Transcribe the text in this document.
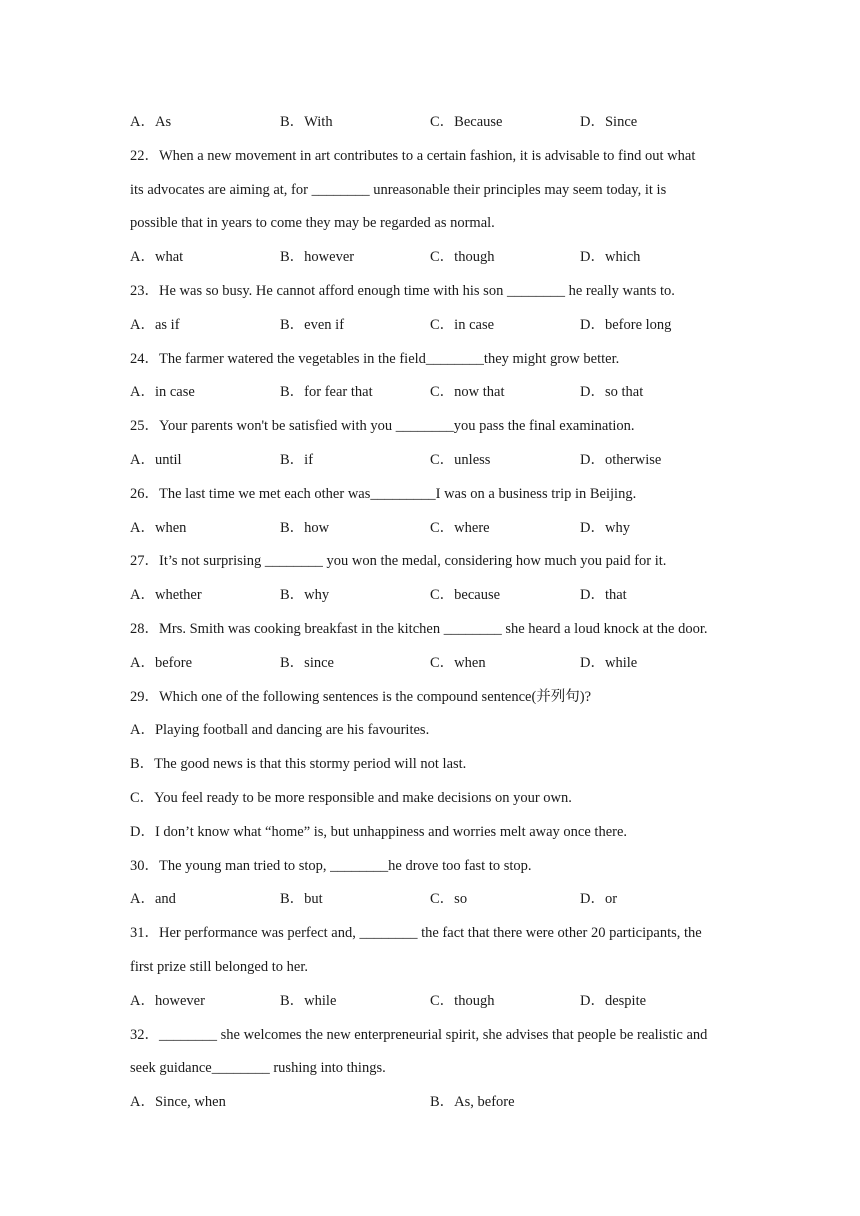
A．As	B．With	C．Because	D．Since
22．When a new movement in art contributes to a certain fashion, it is advisable to find out what
its advocates are aiming at, for ________ unreasonable their principles may seem today, it is
possible that in years to come they may be regarded as normal.
A．what	B．however	C．though	D．which
23．He was so busy. He cannot afford enough time with his son ________ he really wants to.
A．as if	B．even if	C．in case	D．before long
24．The farmer watered the vegetables in the field________they might grow better.
A．in case	B．for fear that	C．now that	D．so that
25．Your parents won't be satisfied with you ________you pass the final examination.
A．until	B．if	C．unless	D．otherwise
26．The last time we met each other was_________I was on a business trip in Beijing.
A．when	B．how	C．where	D．why
27．It’s not surprising ________ you won the medal, considering how much you paid for it.
A．whether	B．why	C．because	D．that
28．Mrs. Smith was cooking breakfast in the kitchen ________ she heard a loud knock at the door.
A．before	B．since	C．when	D．while
29．Which one of the following sentences is the compound sentence(并列句)?
A．Playing football and dancing are his favourites.
B．The good news is that this stormy period will not last.
C．You feel ready to be more responsible and make decisions on your own.
D．I don’t know what “home” is, but unhappiness and worries melt away once there.
30．The young man tried to stop, ________he drove too fast to stop.
A．and	B．but	C．so	D．or
31．Her performance was perfect and, ________ the fact that there were other 20 participants, the
first prize still belonged to her.
A．however	B．while	C．though	D．despite
32．________ she welcomes the new enterpreneurial spirit, she advises that people be realistic and
seek guidance________ rushing into things.
A．Since, when	B．As, before
